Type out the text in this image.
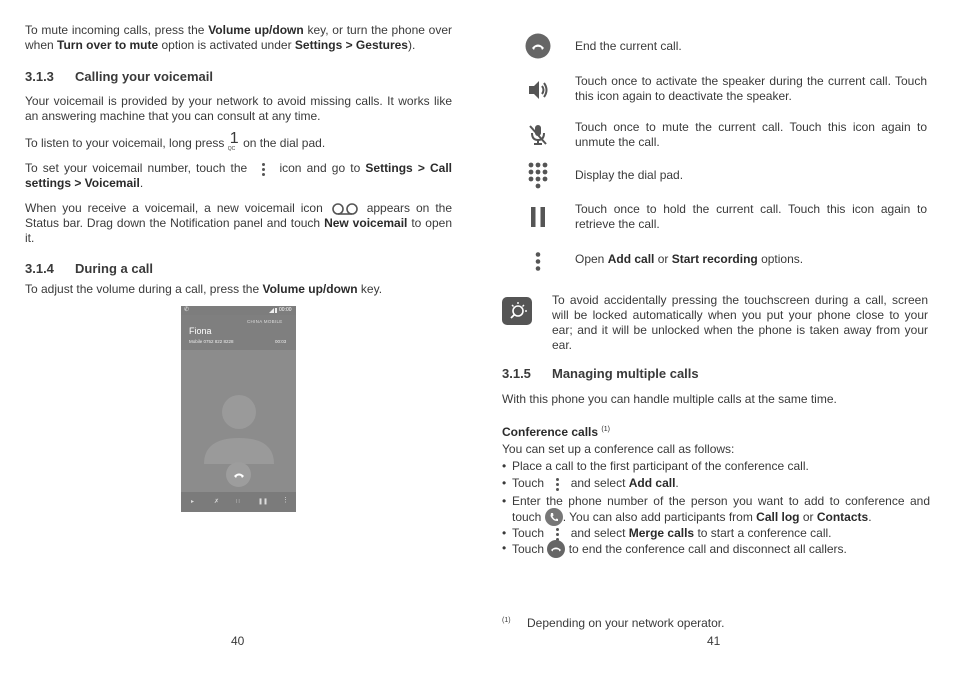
To mute incoming calls, press the Volume up/down key, or turn the phone over when Turn over to mute option is activated under Settings > Gestures).

3.1.3 Calling your voicemail

Your voicemail is provided by your network to avoid missing calls. It works like an answering machine that you can consult at any time.

To listen to your voicemail, long press 1
QC on the dial pad.

To set your voicemail number, touch the
icon and go to Settings > Call settings > Voicemail.

When you receive a voicemail, a new voicemail icon	appears on the Status bar. Drag down the Notification panel and touch New voicemail to open it.

3.1.4 During a call

To adjust the volume during a call, press the Volume up/down key.

✆	00:00
CHINA MOBILE
Fiona
Mobile 0752 822 8228	00:03
▸	✗	∷	❚❚ ⋮
40
End the current call.
Touch once to activate the speaker during the current call. Touch this icon again to deactivate the speaker.
Touch once to mute the current call. Touch this icon again to unmute the call.
Display the dial pad.
Touch once to hold the current call. Touch this icon again to retrieve the call.
Open Add call or Start recording options.

To avoid accidentally pressing the touchscreen during a call, screen will be locked automatically when you put your phone close to your ear; and it will be unlocked when the phone is taken away from your ear.

3.1.5 Managing multiple calls

With this phone you can handle multiple calls at the same time.

Conference calls $^{(1)}$

You can set up a conference call as follows:

• Place a call to the first participant of the conference call.
• Touch
and select Add call.
• Enter the phone number of the person you want to add to conference and
touch . You can also add participants from Call log or Contacts.
• Touch
and select Merge calls to start a conference call.
• Touch  to end the conference call and disconnect all callers.
(1) Depending on your network operator.
41
